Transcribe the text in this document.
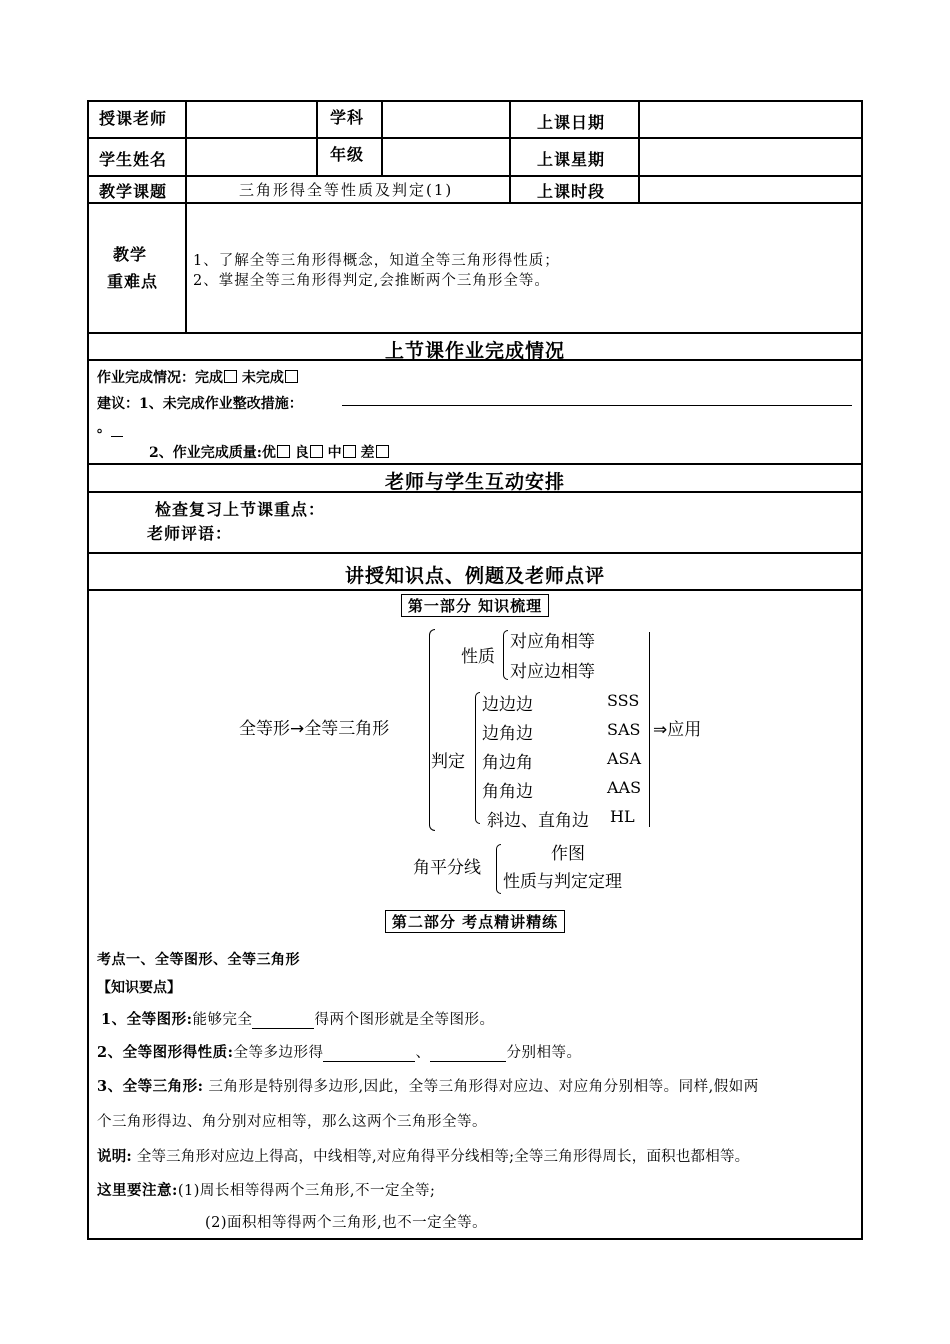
授课老师	学科	上课日期
学生姓名	年级	上课星期
教学课题	三角形得全等性质及判定(1)	上课时段
教学
重难点
1、了解全等三角形得概念，知道全等三角形得性质；
2、掌握全等三角形得判定,会推断两个三角形全等。
上节课作业完成情况
作业完成情况：完成 未完成
建议：1、未完成作业整改措施：
。
2、作业完成质量:优 良 中 差
老师与学生互动安排
检查复习上节课重点：
老师评语：
讲授知识点、例题及老师点评
第一部分 知识梳理
全等形→全等三角形
性质
对应角相等
对应边相等
判定
边边边	SSS
边角边	SAS
角边角	ASA
角角边	AAS
斜边、直角边 HL
⇒应用
角平分线
作图
性质与判定定理
第二部分 考点精讲精练
考点一、全等图形、全等三角形
【知识要点】
1、全等图形:能够完全	得两个图形就是全等图形。
2、全等图形得性质:全等多边形得	、	分别相等。
3、全等三角形: 三角形是特别得多边形,因此，全等三角形得对应边、对应角分别相等。同样,假如两
个三角形得边、角分别对应相等，那么这两个三角形全等。
说明: 全等三角形对应边上得高，中线相等,对应角得平分线相等;全等三角形得周长，面积也都相等。
这里要注意:(1)周长相等得两个三角形,不一定全等;
(2)面积相等得两个三角形,也不一定全等。
